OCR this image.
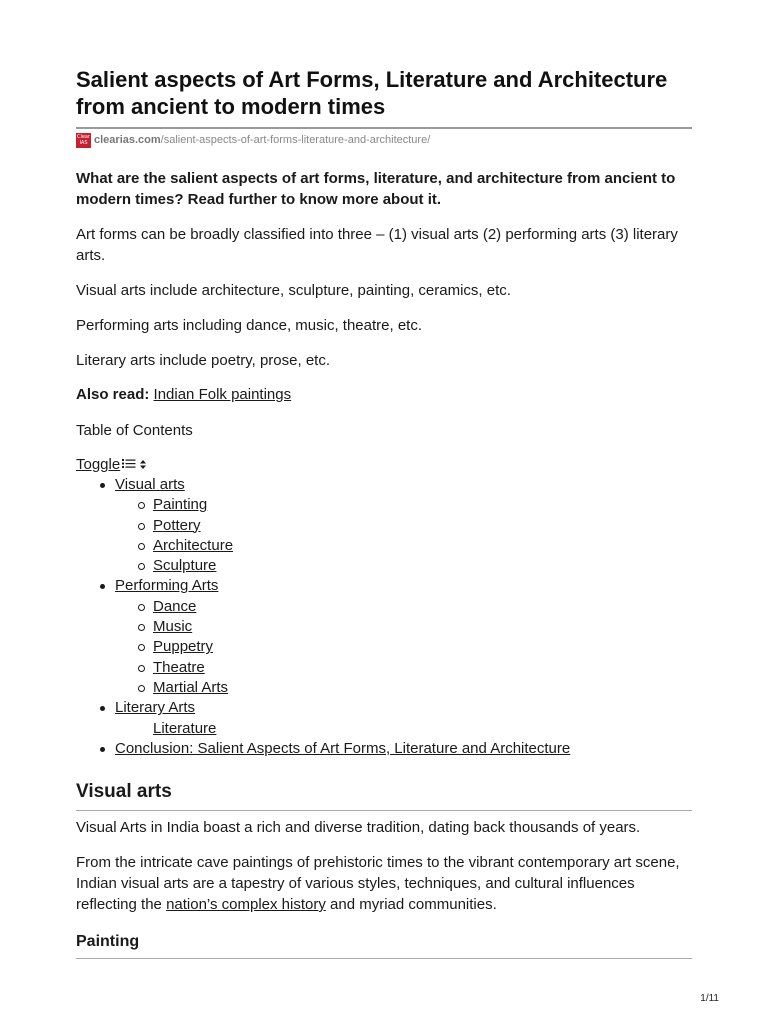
Salient aspects of Art Forms, Literature and Architecture from ancient to modern times
Clear
IAS clearias.com /salient-aspects-of-art-forms-literature-and-architecture/

What are the salient aspects of art forms, literature, and architecture from ancient to modern times? Read further to know more about it.

Art forms can be broadly classified into three – (1) visual arts (2) performing arts (3) literary arts.

Visual arts include architecture, sculpture, painting, ceramics, etc.

Performing arts including dance, music, theatre, etc.

Literary arts include poetry, prose, etc.

Also read: Indian Folk paintings

Table of Contents

Toggle
Visual arts
Painting
Pottery
Architecture
Sculpture
Performing Arts
Dance
Music
Puppetry
Theatre
Martial Arts
Literary Arts
Literature
Conclusion: Salient Aspects of Art Forms, Literature and Architecture
Visual arts

Visual Arts in India boast a rich and diverse tradition, dating back thousands of years.

From the intricate cave paintings of prehistoric times to the vibrant contemporary art scene, Indian visual arts are a tapestry of various styles, techniques, and cultural influences reflecting the nation’s complex history and myriad communities.

Painting
1/11
